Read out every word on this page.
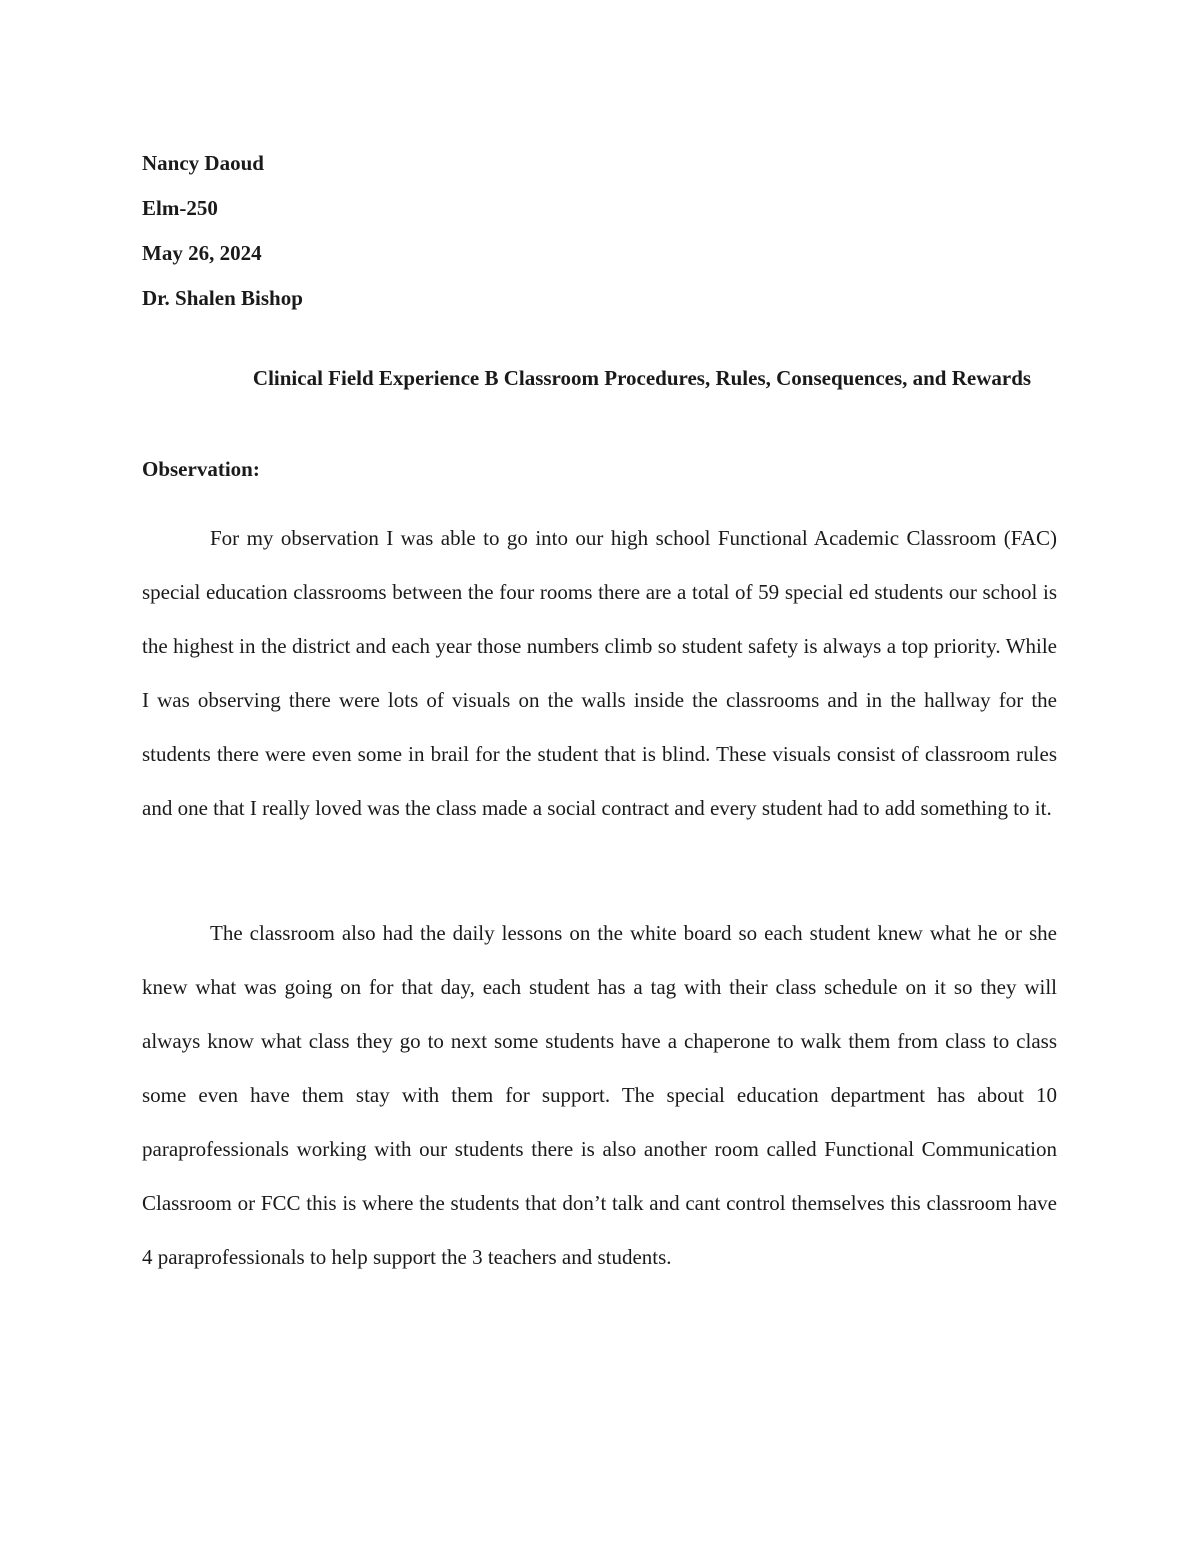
Nancy Daoud
Elm-250
May 26, 2024
Dr. Shalen Bishop
Clinical Field Experience B Classroom Procedures, Rules, Consequences, and Rewards
Observation:

For my observation I was able to go into our high school Functional Academic Classroom (FAC) special education classrooms between the four rooms there are a total of 59 special ed students our school is the highest in the district and each year those numbers climb so student safety is always a top priority. While I was observing there were lots of visuals on the walls inside the classrooms and in the hallway for the students there were even some in brail for the student that is blind. These visuals consist of classroom rules and one that I really loved was the class made a social contract and every student had to add something to it.

The classroom also had the daily lessons on the white board so each student knew what he or she knew what was going on for that day, each student has a tag with their class schedule on it so they will always know what class they go to next some students have a chaperone to walk them from class to class some even have them stay with them for support. The special education department has about 10 paraprofessionals working with our students there is also another room called Functional Communication Classroom or FCC this is where the students that don’t talk and cant control themselves this classroom have 4 paraprofessionals to help support the 3 teachers and students.
